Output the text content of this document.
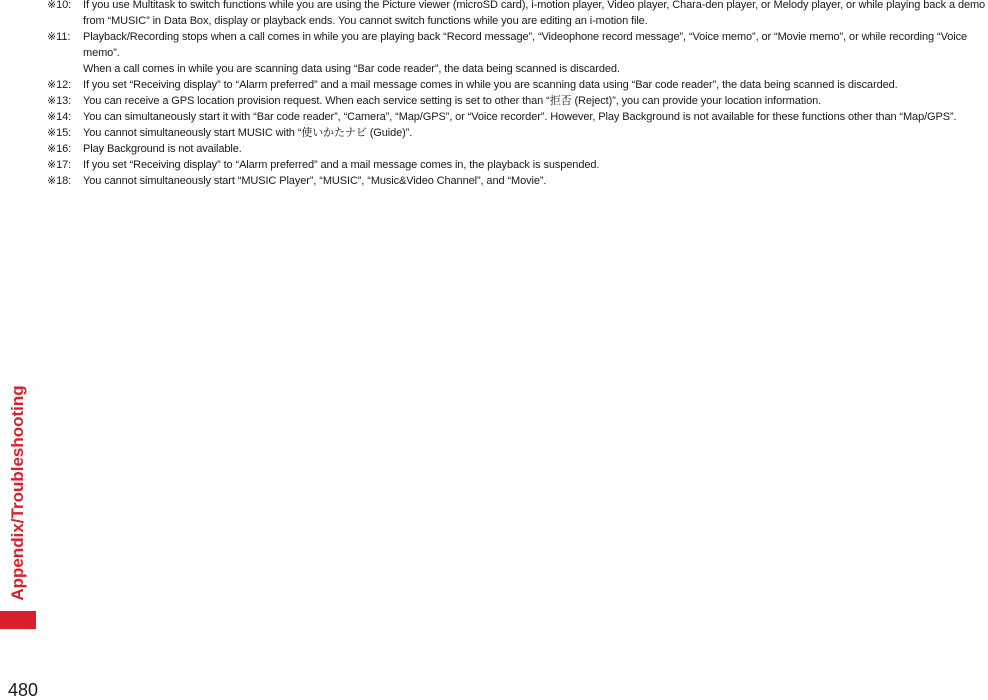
※10:	If you use Multitask to switch functions while you are using the Picture viewer (microSD card), i-motion player, Video player, Chara-den player, or Melody player, or while playing back a demo from “MUSIC” in Data Box, display or playback ends. You cannot switch functions while you are editing an i-motion file.

※11:	Playback/Recording stops when a call comes in while you are playing back “Record message”, “Videophone record message”, “Voice memo”, or “Movie memo”, or while recording “Voice memo”.

When a call comes in while you are scanning data using “Bar code reader”, the data being scanned is discarded.

※12:	If you set “Receiving display” to “Alarm preferred” and a mail message comes in while you are scanning data using “Bar code reader”, the data being scanned is discarded.

※13:	You can receive a GPS location provision request. When each service setting is set to other than “拒否 (Reject)”, you can provide your location information.

※14:	You can simultaneously start it with “Bar code reader”, “Camera”, “Map/GPS”, or “Voice recorder”. However, Play Background is not available for these functions other than “Map/GPS”.

※15:	You cannot simultaneously start MUSIC with “使いかたナビ (Guide)”.

※16:	Play Background is not available.

※17:	If you set “Receiving display” to “Alarm preferred” and a mail message comes in, the playback is suspended.

※18:	You cannot simultaneously start “MUSIC Player”, “MUSIC”, “Music&Video Channel”, and “Movie”.

Appendix/Troubleshooting
480
